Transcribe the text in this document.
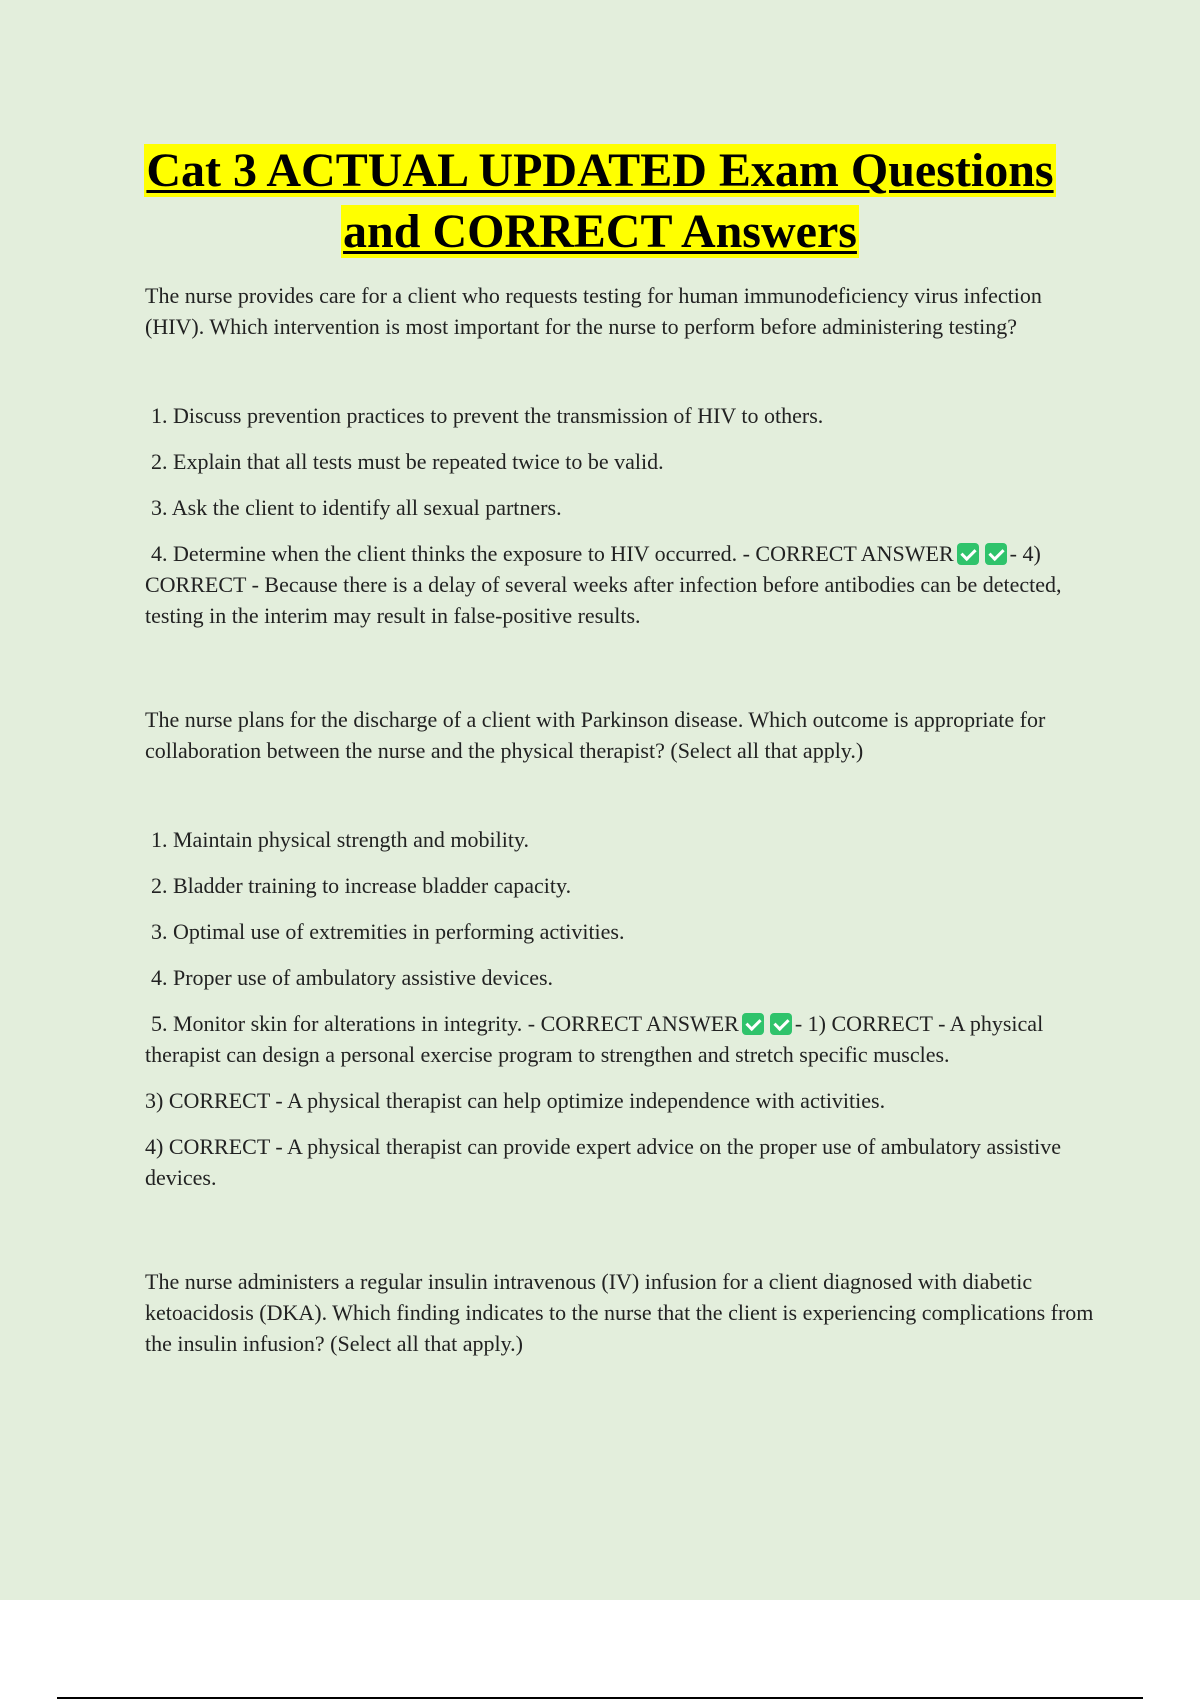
Cat 3 ACTUAL UPDATED Exam Questions
and CORRECT Answers

The nurse provides care for a client who requests testing for human immunodeficiency virus infection (HIV). Which intervention is most important for the nurse to perform before administering testing?

1. Discuss prevention practices to prevent the transmission of HIV to others.

2. Explain that all tests must be repeated twice to be valid.

3. Ask the client to identify all sexual partners.

4. Determine when the client thinks the exposure to HIV occurred. - CORRECT ANSWER	- 4) CORRECT - Because there is a delay of several weeks after infection before antibodies can be detected, testing in the interim may result in false-positive results.

The nurse plans for the discharge of a client with Parkinson disease. Which outcome is appropriate for collaboration between the nurse and the physical therapist? (Select all that apply.)

1. Maintain physical strength and mobility.

2. Bladder training to increase bladder capacity.

3. Optimal use of extremities in performing activities.

4. Proper use of ambulatory assistive devices.

5. Monitor skin for alterations in integrity. - CORRECT ANSWER	- 1) CORRECT - A physical therapist can design a personal exercise program to strengthen and stretch specific muscles.

3) CORRECT - A physical therapist can help optimize independence with activities.

4) CORRECT - A physical therapist can provide expert advice on the proper use of ambulatory assistive devices.

The nurse administers a regular insulin intravenous (IV) infusion for a client diagnosed with diabetic ketoacidosis (DKA). Which finding indicates to the nurse that the client is experiencing complications from the insulin infusion? (Select all that apply.)
